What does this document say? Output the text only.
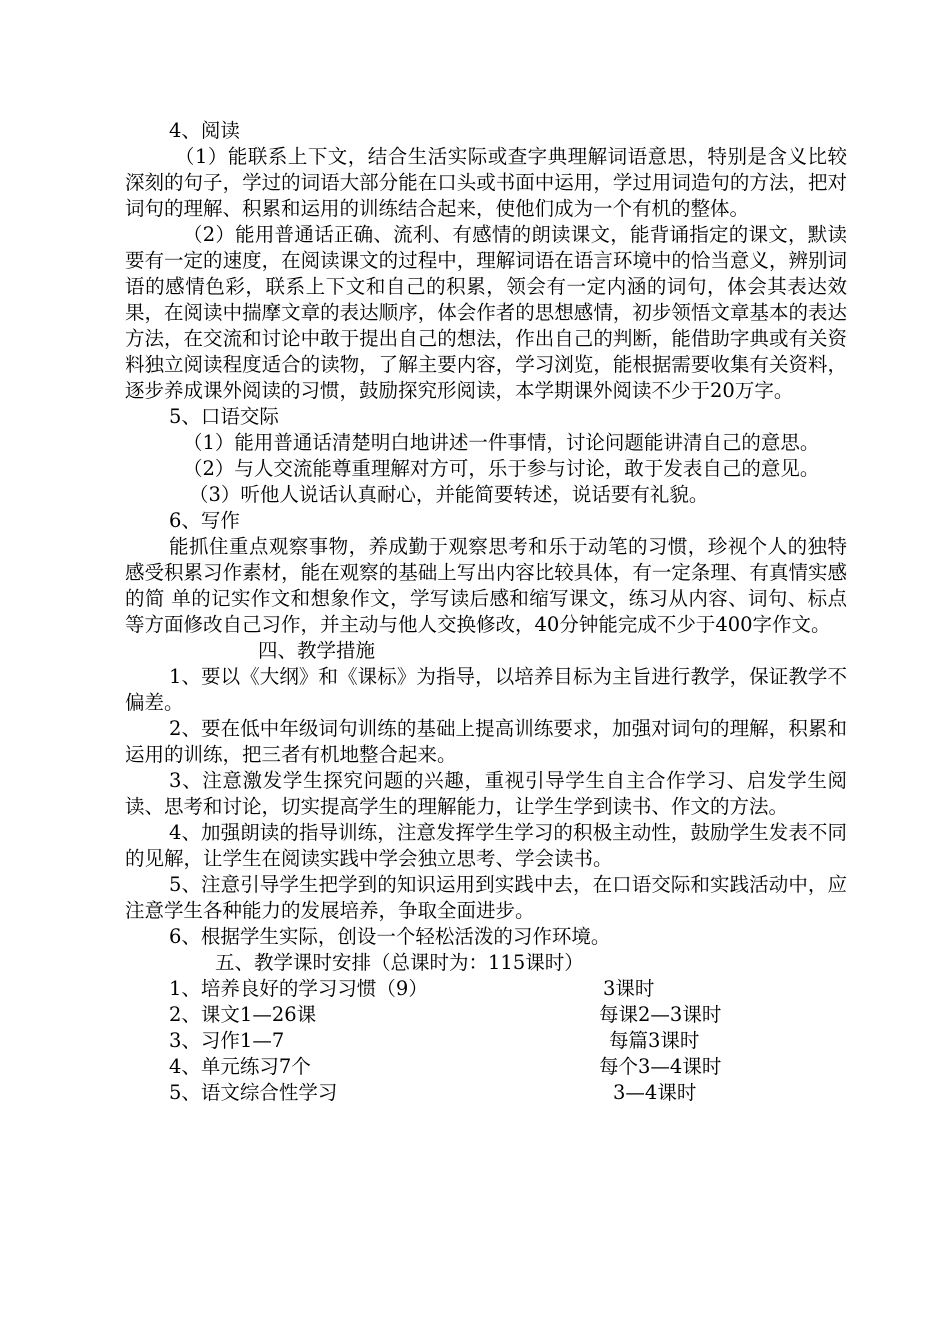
4、阅读

（1）能联系上下文，结合生活实际或查字典理解词语意思，特别是含义比较深刻的句子，学过的词语大部分能在口头或书面中运用，学过用词造句的方法，把对词句的理解、积累和运用的训练结合起来，使他们成为一个有机的整体。

（2）能用普通话正确、流利、有感情的朗读课文，能背诵指定的课文，默读要有一定的速度，在阅读课文的过程中，理解词语在语言环境中的恰当意义，辨别词语的感情色彩，联系上下文和自己的积累，领会有一定内涵的词句，体会其表达效果，在阅读中揣摩文章的表达顺序，体会作者的思想感情，初步领悟文章基本的表达方法，在交流和讨论中敢于提出自己的想法，作出自己的判断，能借助字典或有关资料独立阅读程度适合的读物，了解主要内容，学习浏览，能根据需要收集有关资料，逐步养成课外阅读的习惯，鼓励探究形阅读，本学期课外阅读不少于20万字。

5、口语交际

（1）能用普通话清楚明白地讲述一件事情，讨论问题能讲清自己的意思。

（2）与人交流能尊重理解对方可，乐于参与讨论，敢于发表自己的意见。

（3）听他人说话认真耐心，并能简要转述，说话要有礼貌。

6、写作

能抓住重点观察事物，养成勤于观察思考和乐于动笔的习惯，珍视个人的独特感受积累习作素材，能在观察的基础上写出内容比较具体，有一定条理、有真情实感的简 单的记实作文和想象作文，学写读后感和缩写课文，练习从内容、词句、标点等方面修改自己习作，并主动与他人交换修改，40分钟能完成不少于400字作文。

四、教学措施

1、要以《大纲》和《课标》为指导，以培养目标为主旨进行教学，保证教学不偏差。

2、要在低中年级词句训练的基础上提高训练要求，加强对词句的理解，积累和运用的训练，把三者有机地整合起来。

3、注意激发学生探究问题的兴趣，重视引导学生自主合作学习、启发学生阅读、思考和讨论，切实提高学生的理解能力，让学生学到读书、作文的方法。

4、加强朗读的指导训练，注意发挥学生学习的积极主动性，鼓励学生发表不同的见解，让学生在阅读实践中学会独立思考、学会读书。

5、注意引导学生把学到的知识运用到实践中去，在口语交际和实践活动中，应注意学生各种能力的发展培养，争取全面进步。

6、根据学生实际，创设一个轻松活泼的习作环境。

五、教学课时安排（总课时为：115课时）
1、培养良好的学习习惯（9）	3课时
2、课文1—26课	每课2—3课时
3、习作1—7	每篇3课时
4、单元练习7个	每个3—4课时
5、语文综合性学习	3—4课时
